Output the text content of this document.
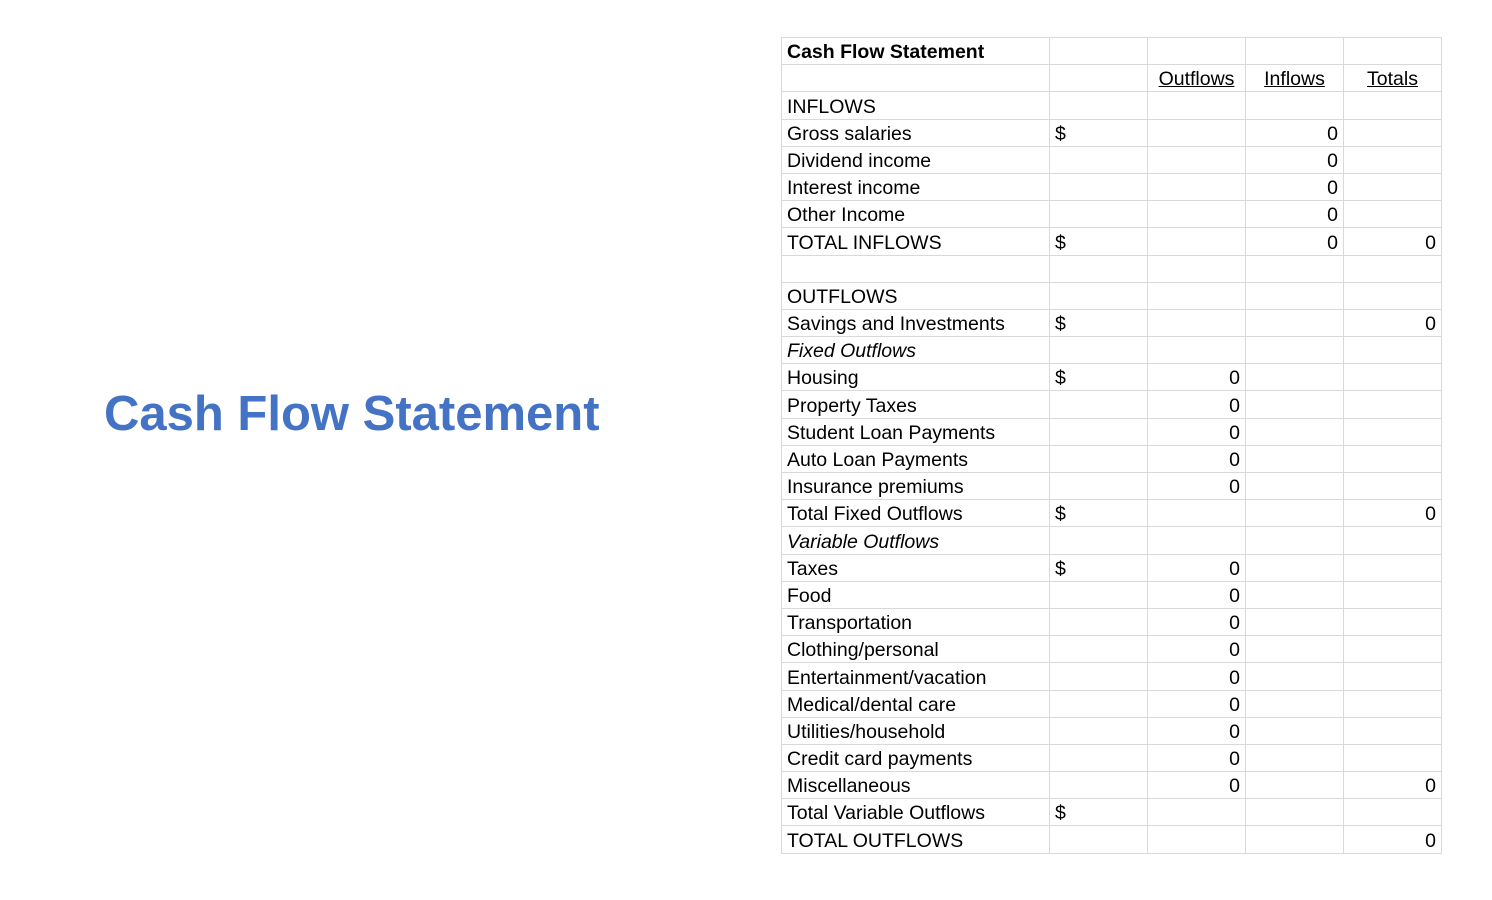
Cash Flow Statement
Cash Flow Statement				
		Outflows	Inflows	Totals
INFLOWS				
Gross salaries	$		0	
Dividend income			0	
Interest income			0	
Other Income			0	
TOTAL INFLOWS	$		0	0

OUTFLOWS				
Savings and Investments	$			0
Fixed Outflows				
Housing	$	0		
Property Taxes		0		
Student Loan Payments		0		
Auto Loan Payments		0		
Insurance premiums		0		
Total Fixed Outflows	$			0
Variable Outflows				
Taxes	$	0		
Food		0		
Transportation		0		
Clothing/personal		0		
Entertainment/vacation		0		
Medical/dental care		0		
Utilities/household		0		
Credit card payments		0		
Miscellaneous		0		0
Total Variable Outflows	$			
TOTAL OUTFLOWS				0
